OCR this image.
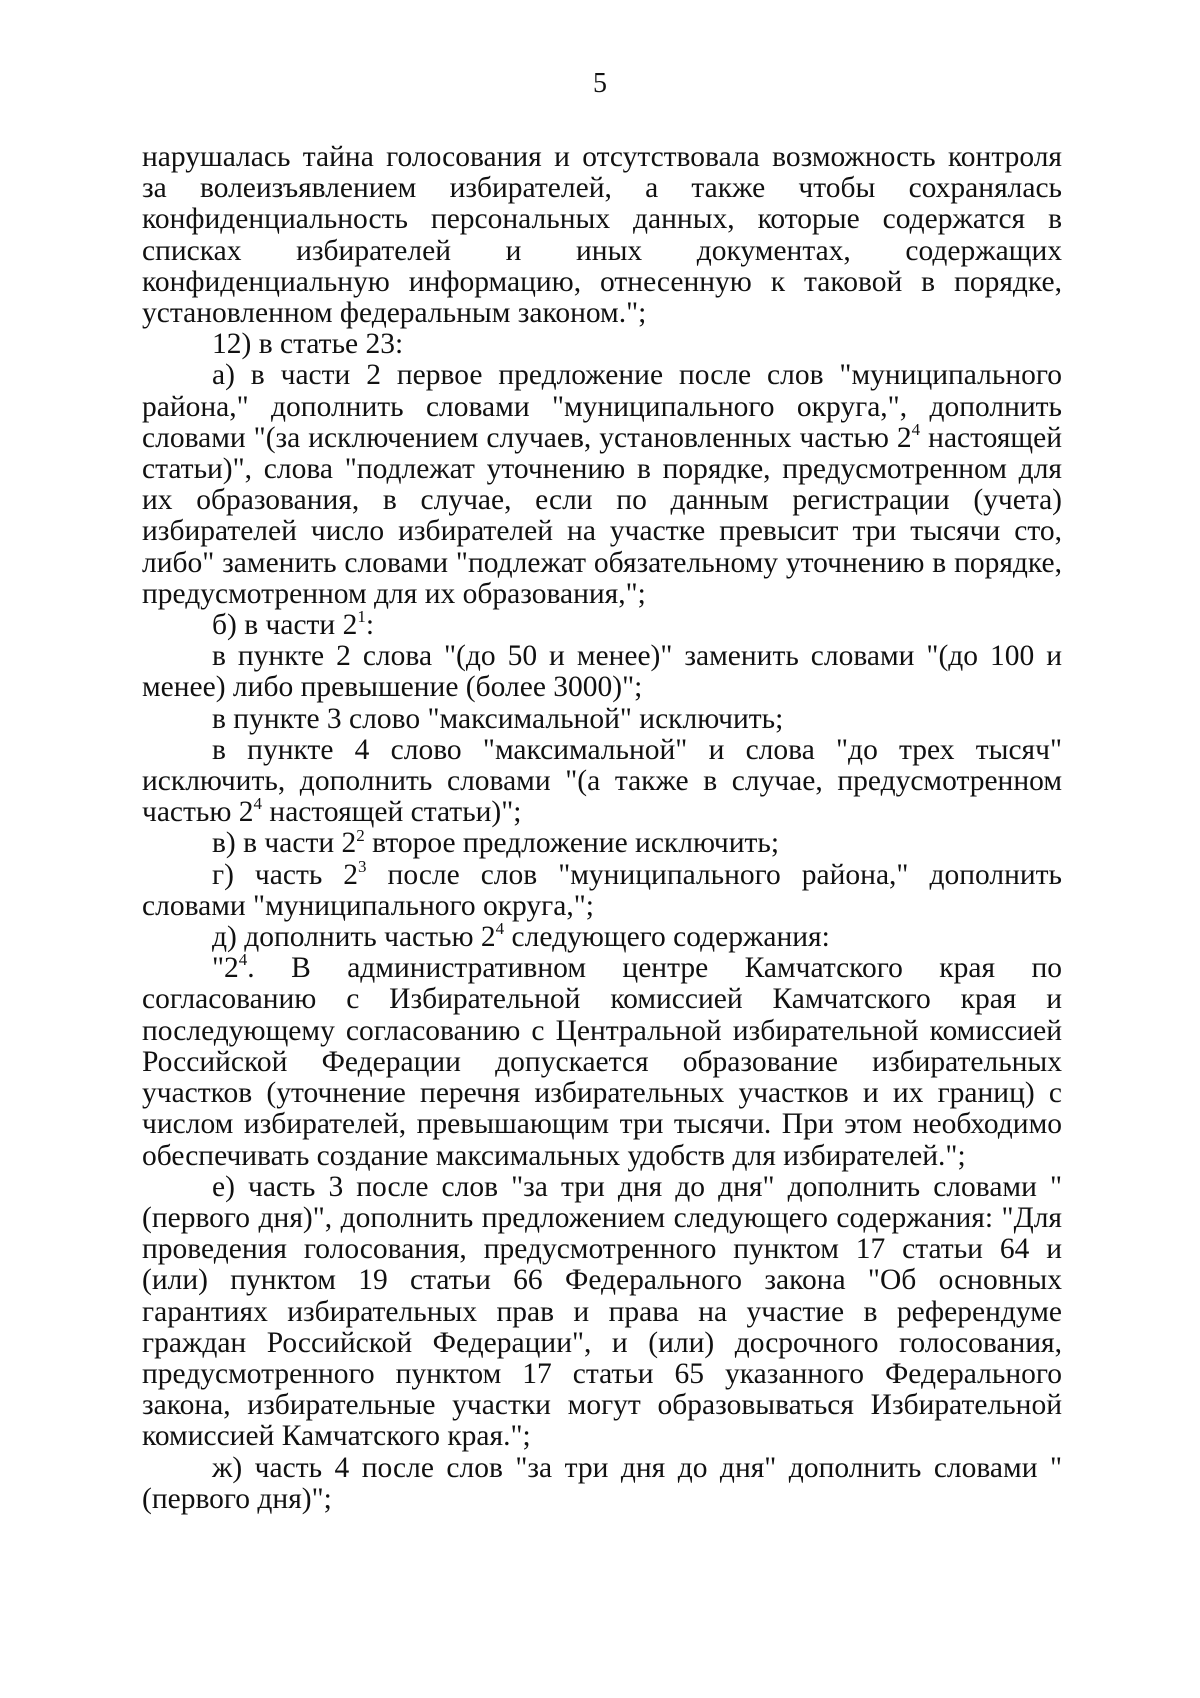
5

нарушалась тайна голосования и отсутствовала возможность контроля за волеизъявлением избирателей, а также чтобы сохранялась конфиденциальность персональных данных, которые содержатся в списках избирателей и иных документах, содержащих конфиденциальную информацию, отнесенную к таковой в порядке, установленном федеральным законом.";

12) в статье 23:

а) в части 2 первое предложение после слов "муниципального района," дополнить словами "муниципального округа,", дополнить словами "(за исключением случаев, установленных частью $2^4$ настоящей статьи)", слова "подлежат уточнению в порядке, предусмотренном для их образования, в случае, если по данным регистрации (учета) избирателей число избирателей на участке превысит три тысячи сто, либо" заменить словами "подлежат обязательному уточнению в порядке, предусмотренном для их образования,";

б) в части $2^1$:

в пункте 2 слова "(до 50 и менее)" заменить словами "(до 100 и менее) либо превышение (более 3000)";

в пункте 3 слово "максимальной" исключить;

в пункте 4 слово "максимальной" и слова "до трех тысяч" исключить, дополнить словами "(а также в случае, предусмотренном частью $2^4$ настоящей статьи)";

в) в части $2^2$ второе предложение исключить;

г) часть $2^3$ после слов "муниципального района," дополнить словами "муниципального округа,";

д) дополнить частью $2^4$ следующего содержания:

"$2^4$. В административном центре Камчатского края по согласованию с Избирательной комиссией Камчатского края и последующему согласованию с Центральной избирательной комиссией Российской Федерации допускается образование избирательных участков (уточнение перечня избирательных участков и их границ) с числом избирателей, превышающим три тысячи. При этом необходимо обеспечивать создание максимальных удобств для избирателей.";

е) часть 3 после слов "за три дня до дня" дополнить словами "(первого дня)", дополнить предложением следующего содержания: "Для проведения голосования, предусмотренного пунктом 17 статьи 64 и (или) пунктом 19 статьи 66 Федерального закона "Об основных гарантиях избирательных прав и права на участие в референдуме граждан Российской Федерации", и (или) досрочного голосования, предусмотренного пунктом 17 статьи 65 указанного Федерального закона, избирательные участки могут образовываться Избирательной комиссией Камчатского края.";

ж) часть 4 после слов "за три дня до дня" дополнить словами "(первого дня)";
